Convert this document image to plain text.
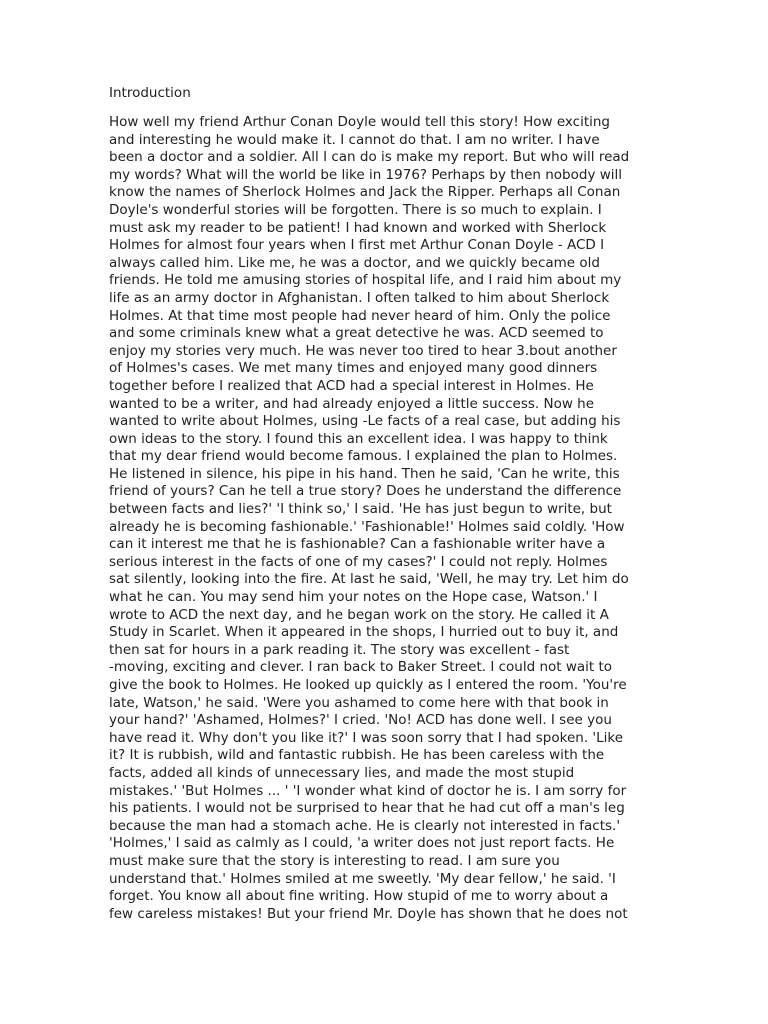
Introduction
How well my friend Arthur Conan Doyle would tell this story! How exciting
and interesting he would make it. I cannot do that. I am no writer. I have
been a doctor and a soldier. All I can do is make my report. But who will read
my words? What will the world be like in 1976? Perhaps by then nobody will
know the names of Sherlock Holmes and Jack the Ripper. Perhaps all Conan
Doyle's wonderful stories will be forgotten. There is so much to explain. I
must ask my reader to be patient! I had known and worked with Sherlock
Holmes for almost four years when I first met Arthur Conan Doyle - ACD I
always called him. Like me, he was a doctor, and we quickly became old
friends. He told me amusing stories of hospital life, and I raid him about my
life as an army doctor in Afghanistan. I often talked to him about Sherlock
Holmes. At that time most people had never heard of him. Only the police
and some criminals knew what a great detective he was. ACD seemed to
enjoy my stories very much. He was never too tired to hear 3.bout another
of Holmes's cases. We met many times and enjoyed many good dinners
together before I realized that ACD had a special interest in Holmes. He
wanted to be a writer, and had already enjoyed a little success. Now he
wanted to write about Holmes, using -Le facts of a real case, but adding his
own ideas to the story. I found this an excellent idea. I was happy to think
that my dear friend would become famous. I explained the plan to Holmes.
He listened in silence, his pipe in his hand. Then he said, 'Can he write, this
friend of yours? Can he tell a true story? Does he understand the difference
between facts and lies?' 'I think so,' I said. 'He has just begun to write, but
already he is becoming fashionable.' 'Fashionable!' Holmes said coldly. 'How
can it interest me that he is fashionable? Can a fashionable writer have a
serious interest in the facts of one of my cases?' I could not reply. Holmes
sat silently, looking into the fire. At last he said, 'Well, he may try. Let him do
what he can. You may send him your notes on the Hope case, Watson.' I
wrote to ACD the next day, and he began work on the story. He called it A
Study in Scarlet. When it appeared in the shops, I hurried out to buy it, and
then sat for hours in a park reading it. The story was excellent - fast
-moving, exciting and clever. I ran back to Baker Street. I could not wait to
give the book to Holmes. He looked up quickly as I entered the room. 'You're
late, Watson,' he said. 'Were you ashamed to come here with that book in
your hand?' 'Ashamed, Holmes?' I cried. 'No! ACD has done well. I see you
have read it. Why don't you like it?' I was soon sorry that I had spoken. 'Like
it? It is rubbish, wild and fantastic rubbish. He has been careless with the
facts, added all kinds of unnecessary lies, and made the most stupid
mistakes.' 'But Holmes ... ' 'I wonder what kind of doctor he is. I am sorry for
his patients. I would not be surprised to hear that he had cut off a man's leg
because the man had a stomach ache. He is clearly not interested in facts.'
'Holmes,' I said as calmly as I could, 'a writer does not just report facts. He
must make sure that the story is interesting to read. I am sure you
understand that.' Holmes smiled at me sweetly. 'My dear fellow,' he said. 'I
forget. You know all about fine writing. How stupid of me to worry about a
few careless mistakes! But your friend Mr. Doyle has shown that he does not
